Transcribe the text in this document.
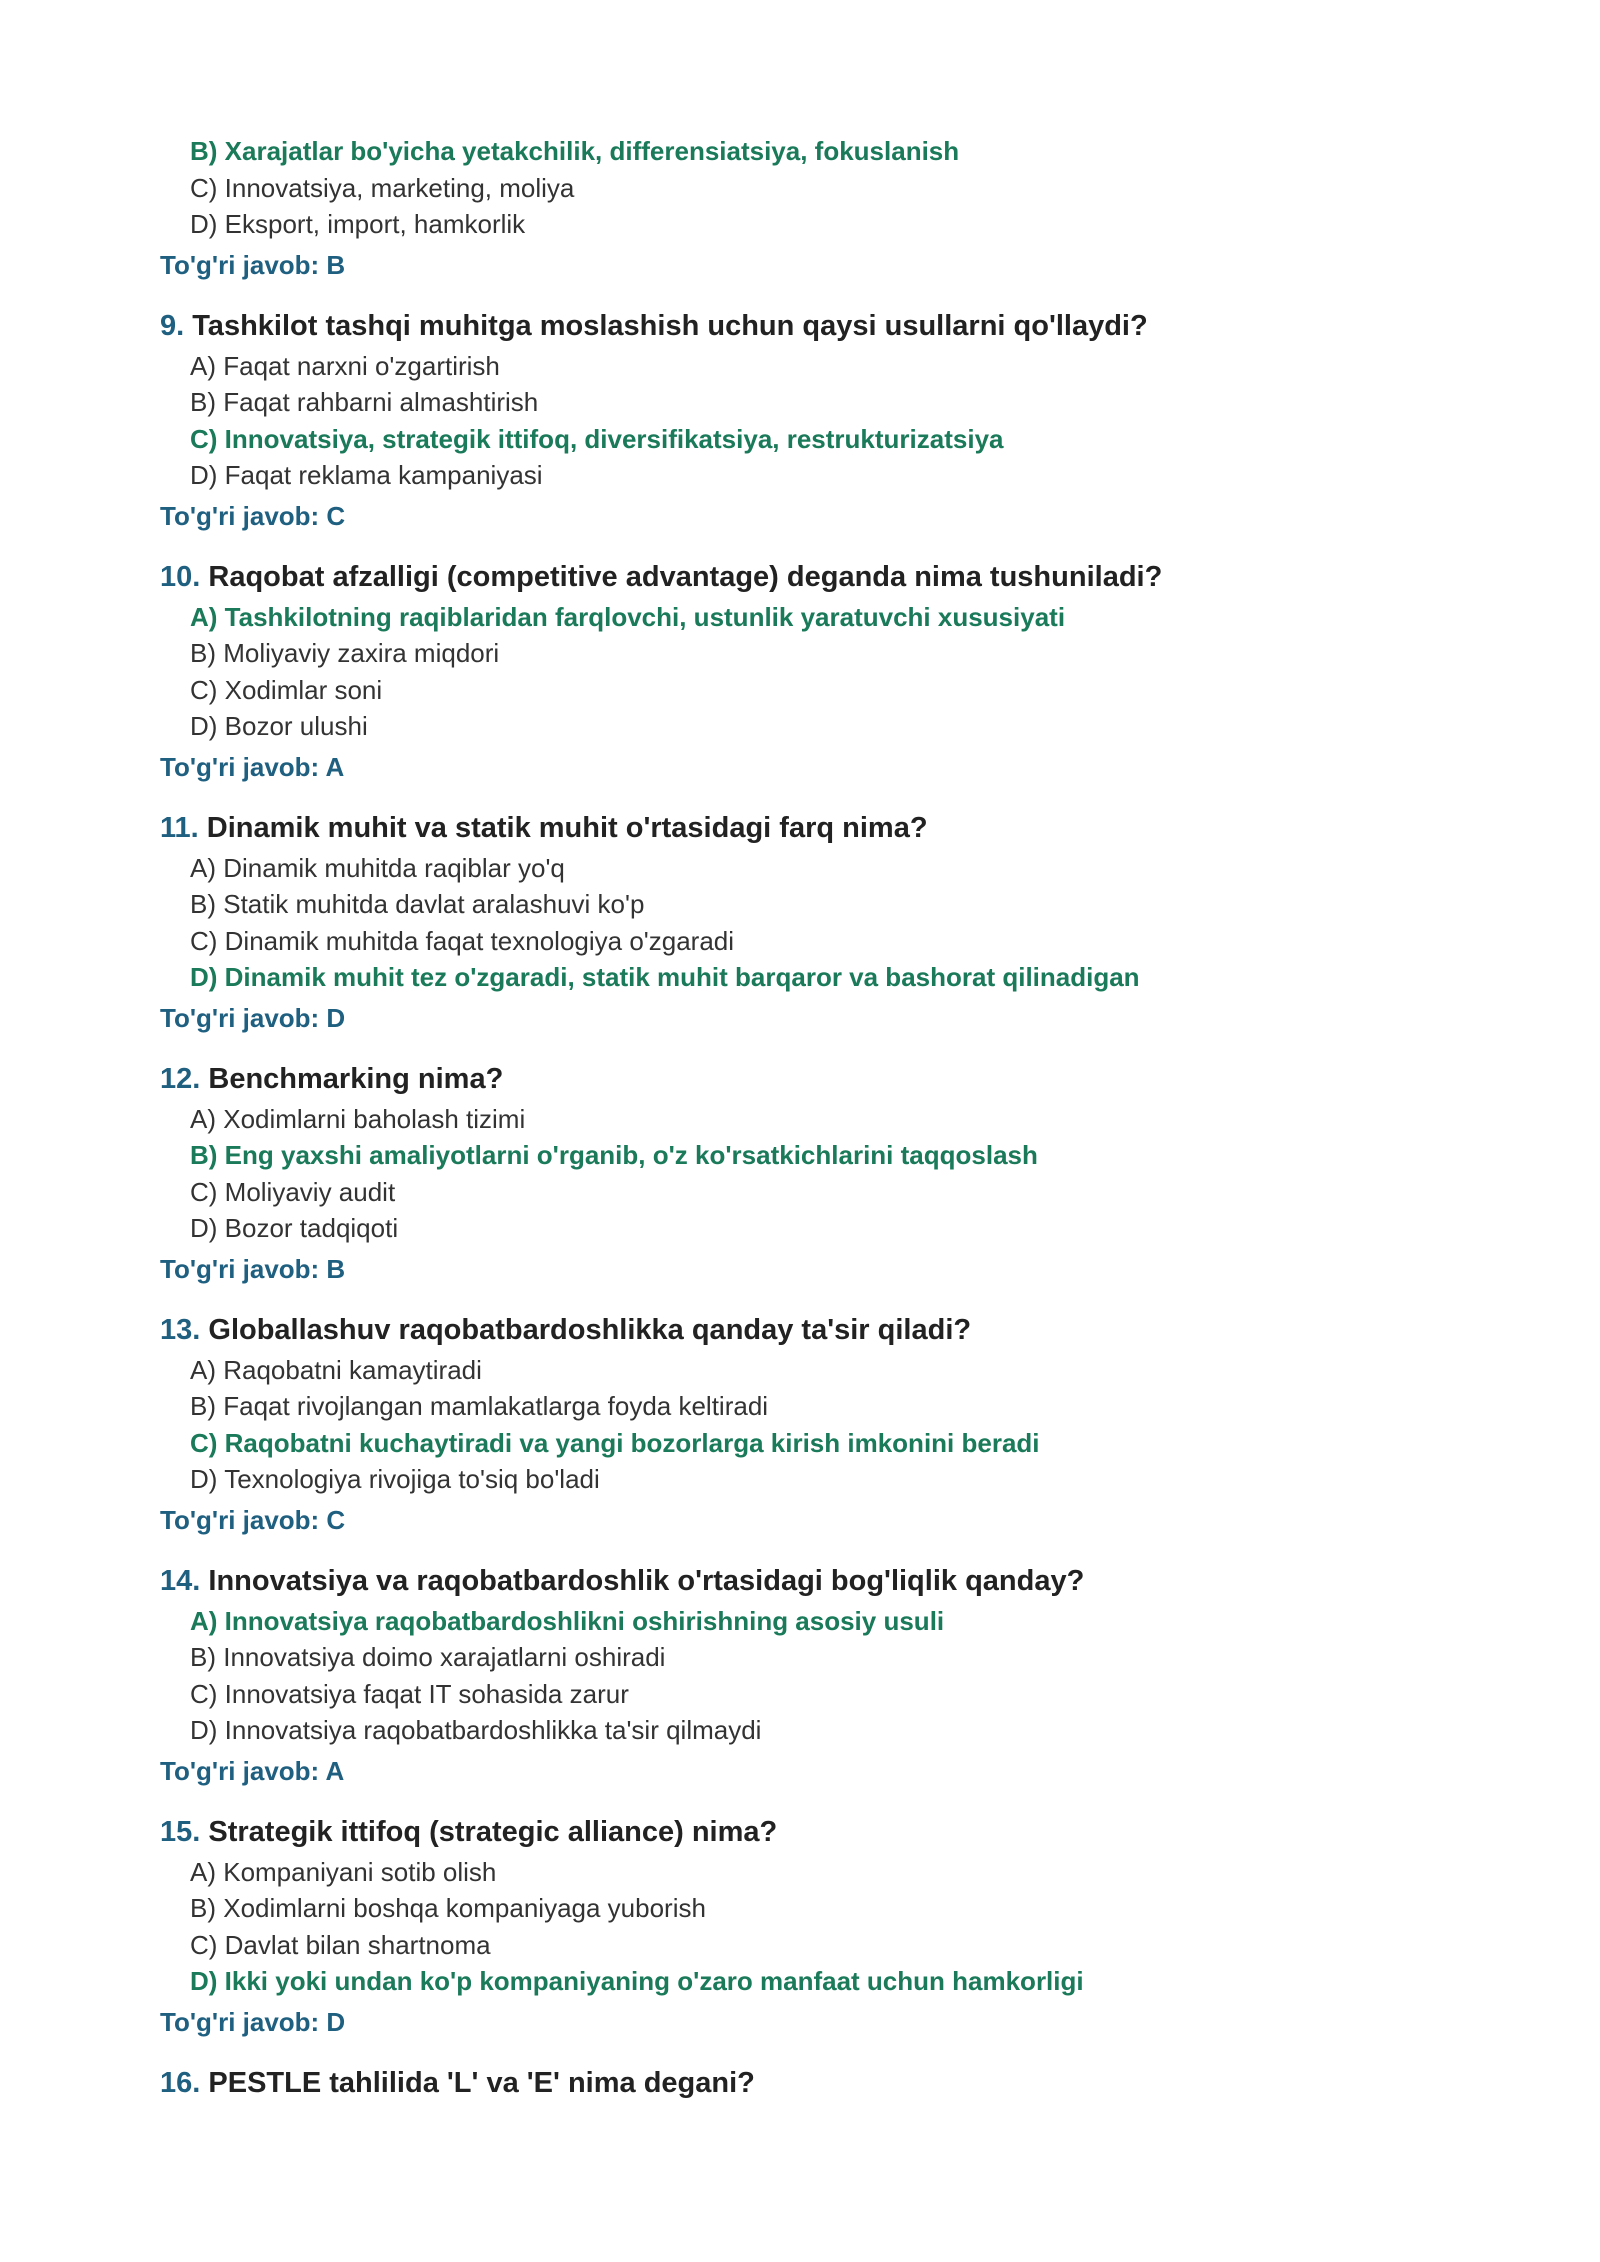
B) Xarajatlar bo'yicha yetakchilik, differensiatsiya, fokuslanish
C) Innovatsiya, marketing, moliya
D) Eksport, import, hamkorlik
To'g'ri javob: B
9. Tashkilot tashqi muhitga moslashish uchun qaysi usullarni qo'llaydi?
A) Faqat narxni o'zgartirish
B) Faqat rahbarni almashtirish
C) Innovatsiya, strategik ittifoq, diversifikatsiya, restrukturizatsiya
D) Faqat reklama kampaniyasi
To'g'ri javob: C
10. Raqobat afzalligi (competitive advantage) deganda nima tushuniladi?
A) Tashkilotning raqiblaridan farqlovchi, ustunlik yaratuvchi xususiyati
B) Moliyaviy zaxira miqdori
C) Xodimlar soni
D) Bozor ulushi
To'g'ri javob: A
11. Dinamik muhit va statik muhit o'rtasidagi farq nima?
A) Dinamik muhitda raqiblar yo'q
B) Statik muhitda davlat aralashuvi ko'p
C) Dinamik muhitda faqat texnologiya o'zgaradi
D) Dinamik muhit tez o'zgaradi, statik muhit barqaror va bashorat qilinadigan
To'g'ri javob: D
12. Benchmarking nima?
A) Xodimlarni baholash tizimi
B) Eng yaxshi amaliyotlarni o'rganib, o'z ko'rsatkichlarini taqqoslash
C) Moliyaviy audit
D) Bozor tadqiqoti
To'g'ri javob: B
13. Globallashuv raqobatbardoshlikka qanday ta'sir qiladi?
A) Raqobatni kamaytiradi
B) Faqat rivojlangan mamlakatlarga foyda keltiradi
C) Raqobatni kuchaytiradi va yangi bozorlarga kirish imkonini beradi
D) Texnologiya rivojiga to'siq bo'ladi
To'g'ri javob: C
14. Innovatsiya va raqobatbardoshlik o'rtasidagi bog'liqlik qanday?
A) Innovatsiya raqobatbardoshlikni oshirishning asosiy usuli
B) Innovatsiya doimo xarajatlarni oshiradi
C) Innovatsiya faqat IT sohasida zarur
D) Innovatsiya raqobatbardoshlikka ta'sir qilmaydi
To'g'ri javob: A
15. Strategik ittifoq (strategic alliance) nima?
A) Kompaniyani sotib olish
B) Xodimlarni boshqa kompaniyaga yuborish
C) Davlat bilan shartnoma
D) Ikki yoki undan ko'p kompaniyaning o'zaro manfaat uchun hamkorligi
To'g'ri javob: D
16. PESTLE tahlilida 'L' va 'E' nima degani?
